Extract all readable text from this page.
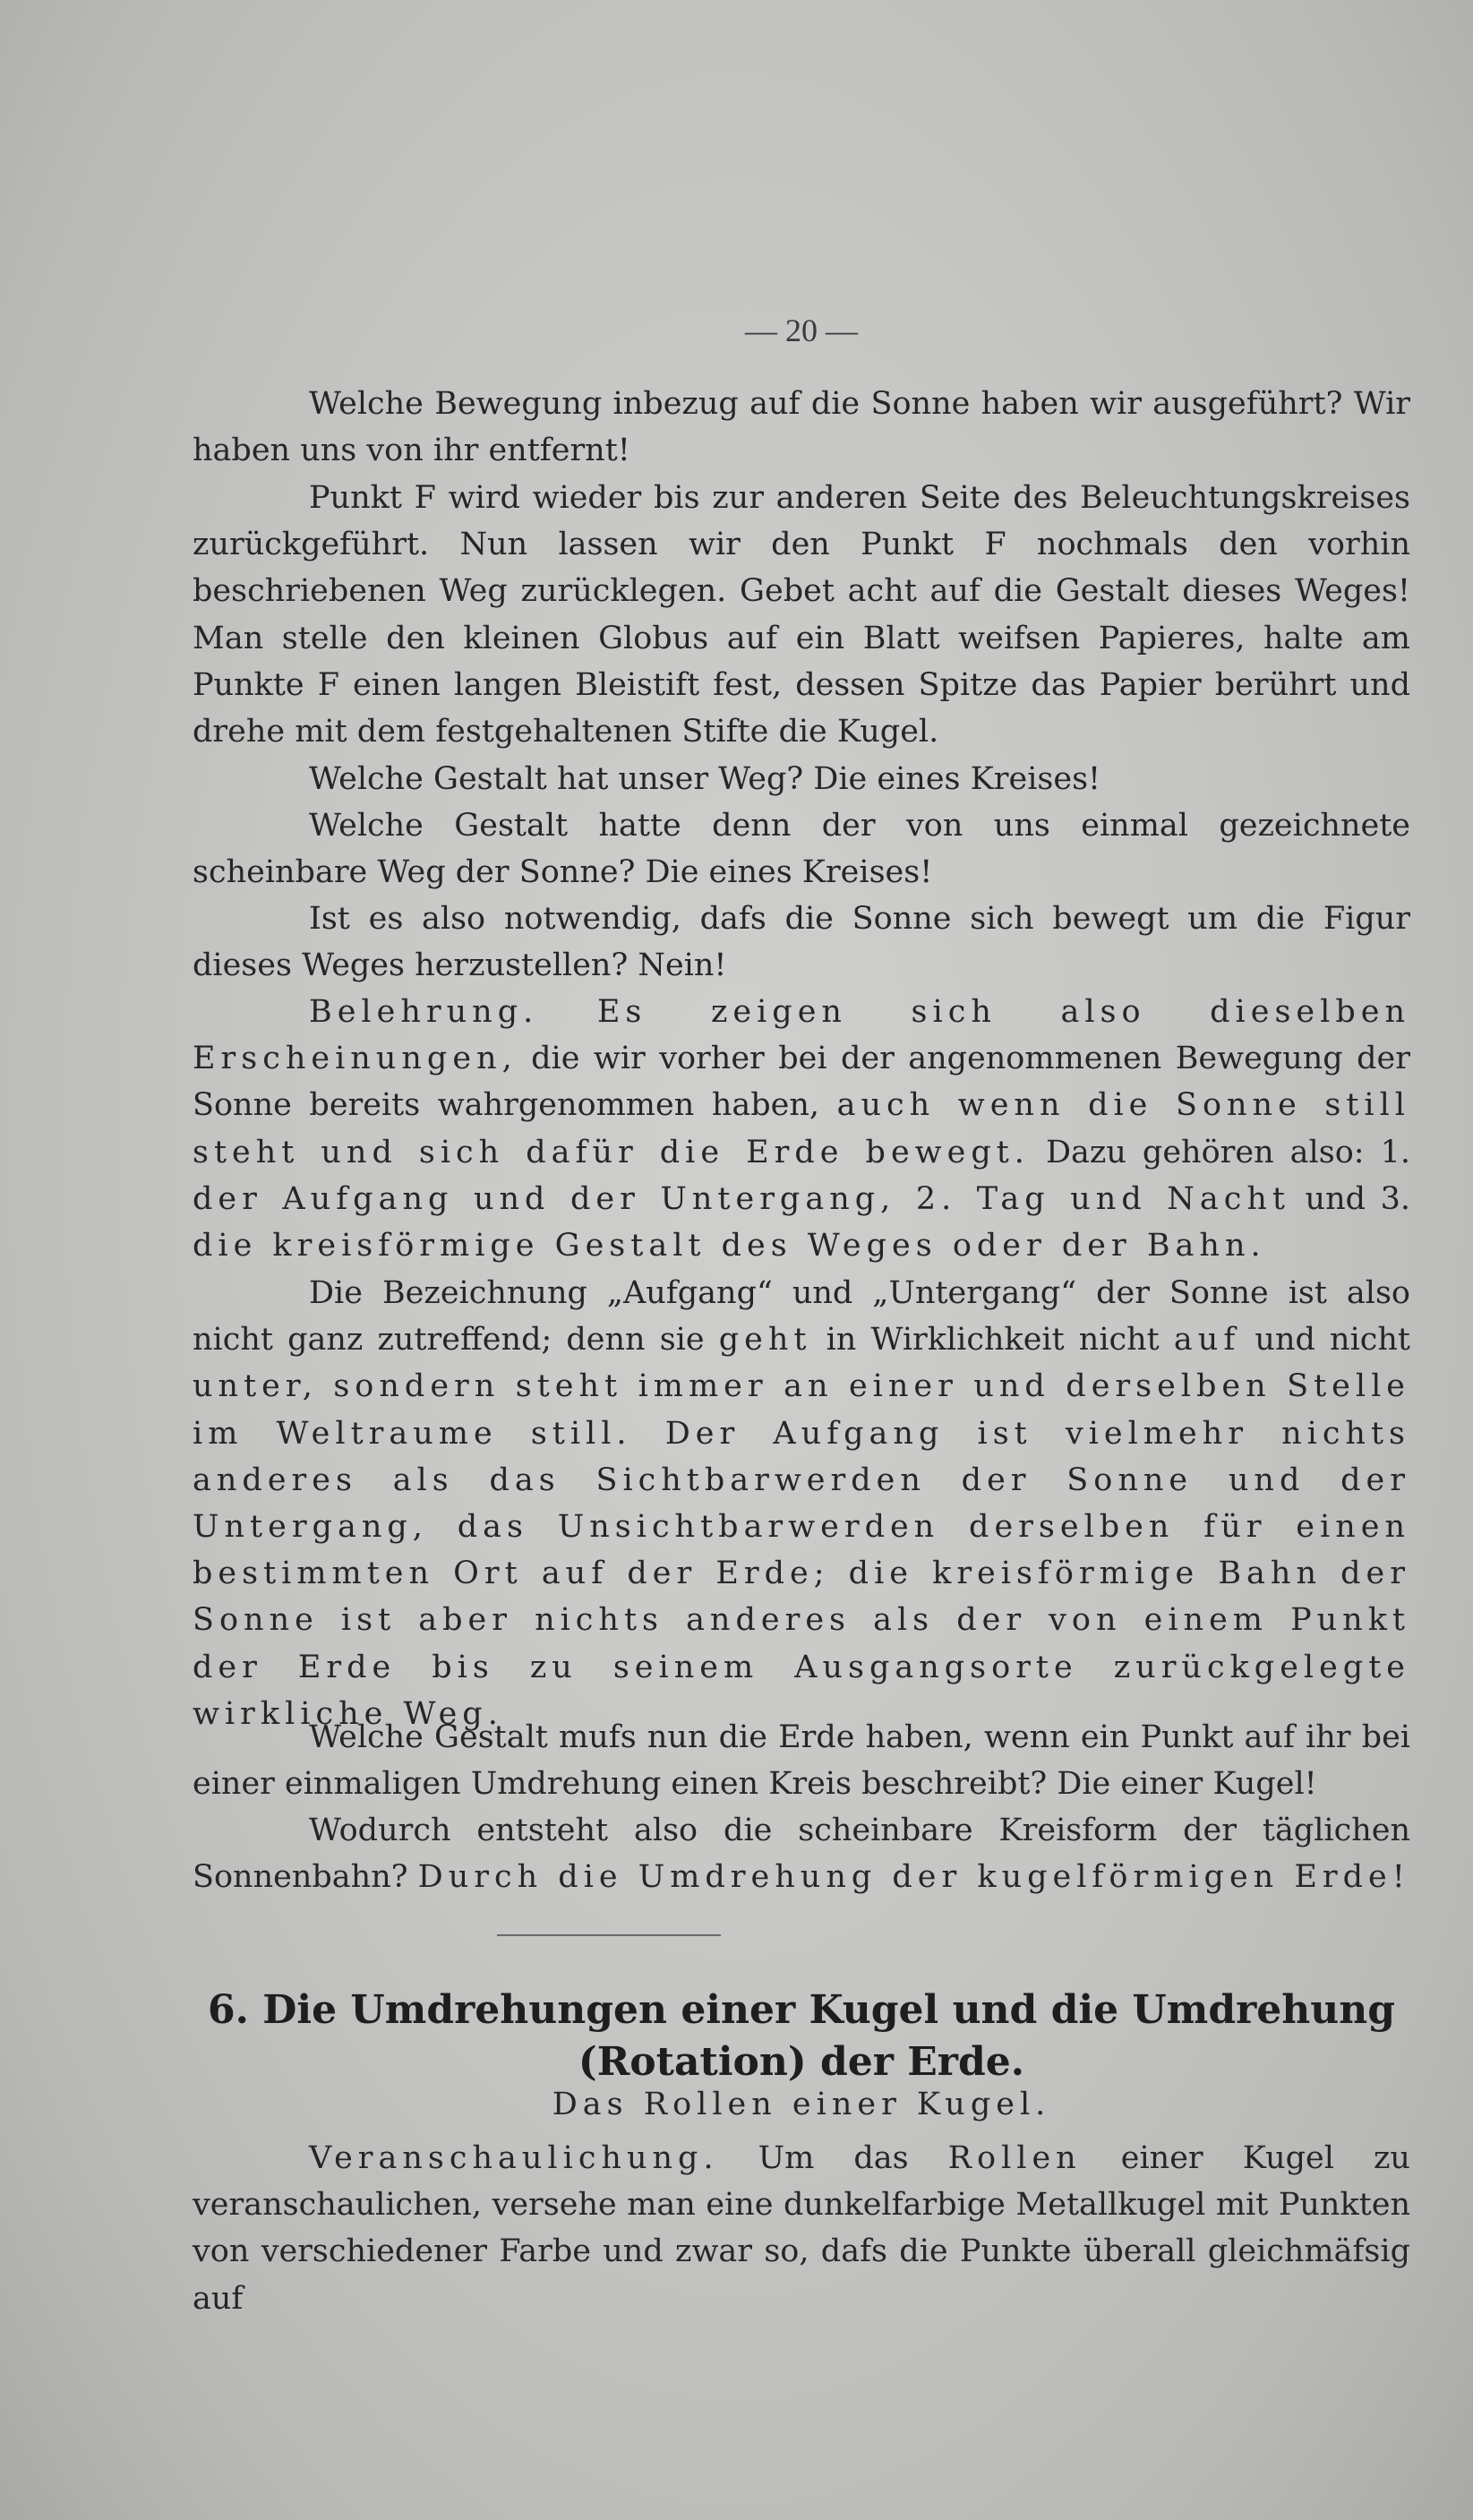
— 20 —

Welche Bewegung inbezug auf die Sonne haben wir ausgeführt? Wir haben uns von ihr entfernt!

Punkt F wird wieder bis zur anderen Seite des Beleuchtungskreises zurückgeführt. Nun lassen wir den Punkt F nochmals den vorhin beschriebenen Weg zurücklegen. Gebet acht auf die Gestalt dieses Weges! Man stelle den kleinen Globus auf ein Blatt weifsen Papieres, halte am Punkte F einen langen Bleistift fest, dessen Spitze das Papier berührt und drehe mit dem festgehaltenen Stifte die Kugel.

Welche Gestalt hat unser Weg? Die eines Kreises!

Welche Gestalt hatte denn der von uns einmal gezeichnete scheinbare Weg der Sonne? Die eines Kreises!

Ist es also notwendig, dafs die Sonne sich bewegt um die Figur dieses Weges herzustellen? Nein!

Belehrung. Es zeigen sich also dieselben Erscheinungen, die wir vorher bei der angenommenen Bewegung der Sonne bereits wahrgenommen haben, auch wenn die Sonne still steht und sich dafür die Erde bewegt. Dazu gehören also: 1. der Aufgang und der Untergang, 2. Tag und Nacht und 3. die kreisförmige Gestalt des Weges oder der Bahn.

Die Bezeichnung „Aufgang“ und „Untergang“ der Sonne ist also nicht ganz zutreffend; denn sie geht in Wirklichkeit nicht auf und nicht unter, sondern steht immer an einer und derselben Stelle im Weltraume still. Der Aufgang ist vielmehr nichts anderes als das Sichtbarwerden der Sonne und der Untergang, das Unsichtbarwerden derselben für einen bestimmten Ort auf der Erde; die kreisförmige Bahn der Sonne ist aber nichts anderes als der von einem Punkt der Erde bis zu seinem Ausgangsorte zurückgelegte wirkliche Weg.

Welche Gestalt mufs nun die Erde haben, wenn ein Punkt auf ihr bei einer einmaligen Umdrehung einen Kreis beschreibt? Die einer Kugel!

Wodurch entsteht also die scheinbare Kreisform der täglichen Sonnenbahn? Durch die Umdrehung der kugelförmigen Erde!

6. Die Umdrehungen einer Kugel und die Umdrehung
(Rotation) der Erde.

Das Rollen einer Kugel.

Veranschaulichung. Um das Rollen einer Kugel zu veranschaulichen, versehe man eine dunkelfarbige Metallkugel mit Punkten von verschiedener Farbe und zwar so, dafs die Punkte überall gleichmäfsig auf
